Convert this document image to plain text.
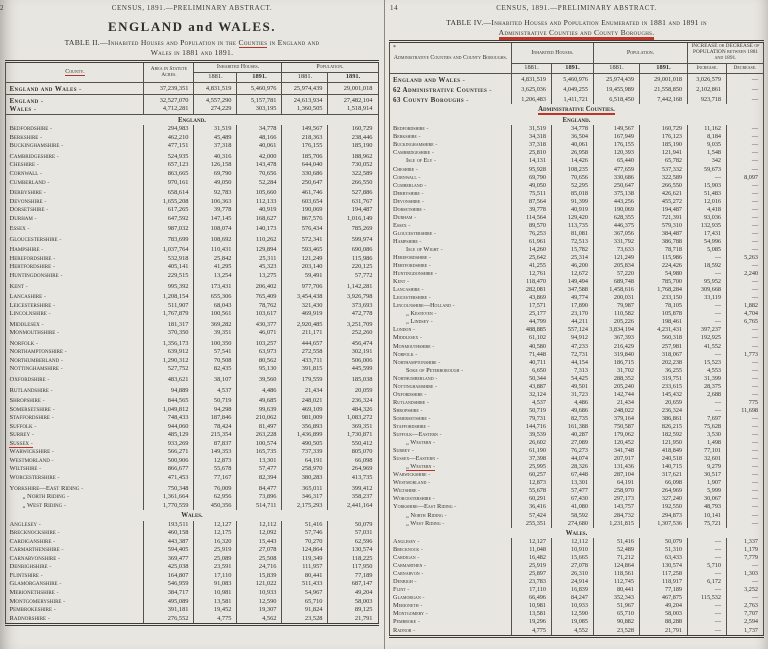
2	CENSUS, 1891.—PRELIMINARY ABSTRACT.
ENGLAND and WALES.
TABLE II.—Inhabited Houses and Population in the Counties in England and
Wales in 1881 and 1891.
County.	Area in Statute Acres.	Inhabited Houses.		Population.	
		1881.	1891.	1881.	1891.
England and Wales -	37,239,351	4,831,519	5,460,976	25,974,439	29,001,018
England -	32,527,070	4,557,290	5,157,781	24,613,934	27,482,104
Wales -	4,712,281	274,229	303,195	1,360,505	1,518,914
England.					
Bedfordshire -	294,983	31,519	34,778	149,567	160,729
Berkshire -	462,210	45,489	48,166	218,363	238,446
Buckinghamshire -	477,151	37,318	40,061	176,155	185,190
Cambridgeshire -	524,935	40,316	42,000	185,706	188,962
Cheshire -	657,123	126,158	143,478	644,040	730,052
Cornwall -	863,665	69,790	70,656	330,686	322,589
Cumberland -	970,161	49,050	52,284	250,647	266,550
Derbyshire -	658,614	92,783	105,660	461,746	527,886
Devonshire -	1,655,208	106,363	112,133	603,654	631,767
Dorsetshire -	617,265	39,778	40,919	190,069	194,487
Durham -	647,592	147,145	168,627	867,576	1,016,149
Essex -	987,032	108,074	140,173	576,434	785,269
Gloucestershire -	783,699	108,692	110,262	572,341	599,974
Hampshire -	1,037,764	110,431	129,894	593,465	690,086
Herefordshire -	532,918	25,842	25,311	121,249	115,986
Hertfordshire -	405,141	41,295	45,323	203,140	220,125
Huntingdonshire -	229,515	13,254	13,275	59,491	57,772
Kent -	995,392	173,431	206,402	977,706	1,142,281
Lancashire -	1,208,154	655,306	765,409	3,454,438	3,926,798
Leicestershire -	511,907	68,043	78,762	321,430	373,693
Lincolnshire -	1,767,879	100,561	103,617	469,919	472,778
Middlesex -	181,317	369,282	430,377	2,920,485	3,251,709
Monmouthshire -	370,350	39,351	46,071	211,171	252,260
Norfolk -	1,356,173	100,350	103,257	444,657	456,474
Northamptonshire -	639,912	57,541	63,973	272,558	302,191
Northumberland -	1,290,312	70,508	80,562	433,711	506,006
Nottinghamshire -	527,752	82,435	95,130	391,815	445,599
Oxfordshire -	483,621	38,107	39,560	179,559	185,038
Rutlandshire -	94,889	4,537	4,486	21,434	20,059
Shropshire -	844,565	50,719	49,685	248,021	236,324
Somersetshire -	1,049,812	94,298	99,639	469,109	484,326
Staffordshire -	748,433	187,846	210,062	981,009	1,083,272
Suffolk -	944,060	78,424	81,497	356,893	369,351
Surrey -	485,129	215,354	263,228	1,436,899	1,730,871
Sussex -	933,269	87,837	100,574	490,505	550,412
Warwickshire -	566,271	149,353	165,735	737,339	805,070
Westmorland -	500,906	12,873	13,301	64,191	66,098
Wiltshire -	866,677	55,678	57,477	258,970	264,969
Worcestershire -	471,453	77,167	82,394	380,283	413,735
Yorkshire—East Riding -	750,348	76,009	84,477	365,011	399,412
„ North Riding -	1,361,664	62,956	73,896	346,317	358,237
„ West Riding -	1,770,559	450,356	514,711	2,175,293	2,441,164
Wales.					
Anglesey -	193,511	12,127	12,112	51,416	50,079
Brecknockshire -	460,158	12,175	12,092	57,746	57,031
Cardiganshire -	443,387	16,320	15,443	70,270	62,596
Carmarthenshire -	594,405	25,919	27,078	124,864	130,574
Carnarvonshire -	369,477	25,089	25,508	119,349	118,225
Denbighshire -	425,038	23,591	24,716	111,957	117,950
Flintshire -	164,807	17,110	15,839	80,441	77,189
Glamorganshire -	546,959	91,083	121,022	511,433	687,147
Merionethshire -	384,717	10,981	10,933	54,967	49,204
Montgomeryshire -	495,089	13,581	12,590	65,710	58,003
Pembrokeshire -	391,181	19,452	19,307	91,824	89,125
Radnorshire -	276,552	4,775	4,562	23,528	21,791
14	CENSUS, 1891.—PRELIMINARY ABSTRACT.
TABLE IV.—Inhabited Houses and Population Enumerated in 1881 and 1891 in
Administrative Counties and County Boroughs.
*
Administrative Counties and County Boroughs.	Inhabited Houses.		Population.		INCREASE or DECREASE of POPULATION between 1881 and 1891.	
	1881.	1891.	1881.	1891.	Increase.	Decrease.
England and Wales -	4,831,519	5,460,976	25,974,439	29,001,018	3,026,579	—
62 Administrative Counties -	3,625,036	4,049,255	19,455,989	21,558,850	2,102,861	—
63 County Boroughs -	1,206,483	1,411,721	6,518,450	7,442,168	923,718	—
Administrative Counties.						
England.						
Bedfordshire -	31,519	34,778	149,567	160,729	11,162	—
Berkshire -	34,318	36,504	167,949	176,123	8,184	—
Buckinghamshire -	37,318	40,061	176,155	185,190	9,035	—
Cambridgeshire -	25,810	26,958	120,393	121,941	1,548	—
Isle of Ely -	14,131	14,426	65,440	65,782	342	—
Cheshire -	95,928	108,235	477,659	537,332	59,673	—
Cornwall -	69,790	70,656	330,686	322,589	—	8,097
Cumberland -	49,050	52,295	250,647	266,550	15,903	—
Derbyshire -	75,511	85,018	375,138	426,621	51,483	—
Devonshire -	87,564	91,399	443,256	455,272	12,016	—
Dorsetshire -	39,778	40,919	190,069	194,487	4,418	—
Durham -	114,564	129,420	628,355	721,391	93,036	—
Essex -	89,570	113,735	446,375	579,310	132,935	—
Gloucestershire -	76,253	81,081	367,056	384,487	17,431	—
Hampshire -	61,961	72,513	331,792	386,788	54,996	—
Isle of Wight -	14,260	15,782	73,633	78,718	5,085	—
Herefordshire -	25,642	25,314	121,249	115,986	—	5,263
Hertfordshire -	41,255	46,200	205,834	224,426	18,592	—
Huntingdonshire -	12,761	12,672	57,220	54,980	—	2,240
Kent -	118,470	149,494	689,748	785,700	95,952	—
Lancashire -	282,081	347,588	1,458,616	1,768,284	309,668	—
Leicestershire -	43,869	49,774	200,031	233,150	33,119	—
Lincolnshire—Holland -	17,571	17,890	79,987	78,105	—	1,882
„ Kesteven -	25,177	23,170	110,582	105,878	—	4,704
„ Lindsey -	44,799	44,211	205,226	198,461	—	6,765
London -	488,885	557,124	3,834,194	4,231,431	397,237	—
Middlesex -	61,102	94,912	367,393	560,318	192,925	—
Monmouthshire -	40,580	47,233	216,429	257,981	41,552	—
Norfolk -	71,448	72,731	319,840	318,067	—	1,773
Northamptonshire -	40,711	44,154	186,715	202,238	15,523	—
Soke of Peterborough -	6,650	7,313	31,702	36,255	4,553	—
Northumberland -	50,344	54,425	288,352	319,751	31,399	—
Nottinghamshire -	43,887	49,501	205,240	233,615	28,375	—
Oxfordshire -	32,124	31,723	142,744	145,432	2,688	—
Rutlandshire -	4,537	4,486	21,434	20,659	—	775
Shropshire -	50,719	49,686	248,022	236,324	—	11,698
Somersetshire -	79,731	82,735	379,164	386,861	7,697	—
Staffordshire -	144,716	161,388	750,587	826,215	75,628	—
Suffolk—Eastern -	39,539	40,287	179,062	182,592	3,530	—
„ Western -	26,602	27,089	120,452	121,950	1,498	—
Surrey -	61,190	76,273	341,748	418,849	77,101	—
Sussex—Eastern -	37,398	44,074	207,917	240,518	32,601	—
„ Western -	25,995	28,326	131,436	140,715	9,279	—
Warwickshire -	60,257	67,448	287,104	317,621	30,517	—
Westmorland -	12,873	13,301	64,191	66,098	1,907	—
Wiltshire -	55,678	57,477	258,970	264,969	5,999	—
Worcestershire -	60,291	67,430	297,173	327,240	30,067	—
Yorkshire—East Riding -	36,416	41,080	143,757	192,550	48,793	—
„ North Riding -	57,424	58,592	284,732	294,873	10,141	—
„ West Riding -	255,351	274,680	1,231,815	1,307,536	75,721	—
Wales.						
Anglesey -	12,127	12,112	51,416	50,079	—	1,337
Brecknock -	11,048	10,910	52,489	51,310	—	1,179
Cardigan -	16,482	15,665	71,212	63,433	—	7,779
Carmarthen -	25,919	27,078	124,864	130,574	5,710	—
Carnarvon -	25,897	26,310	118,561	117,258	—	1,303
Denbigh -	23,783	24,914	112,745	118,917	6,172	—
Flint -	17,110	16,839	80,441	77,189	—	3,252
Glamorgan -	66,496	84,247	352,343	467,875	115,532	—
Merioneth -	10,981	10,933	51,967	49,204	—	2,763
Montgomery -	13,581	12,590	65,710	58,003	—	7,707
Pembroke -	19,296	19,085	90,882	88,288	—	2,594
Radnor -	4,775	4,552	23,528	21,791	—	1,737
